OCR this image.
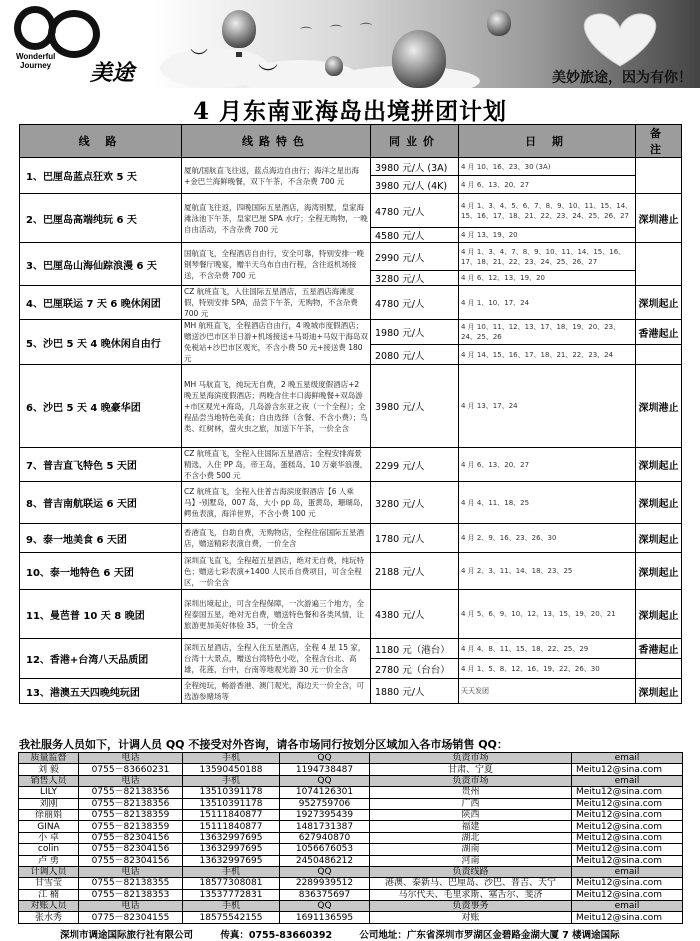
Wonderful
Journey 美途
︶
︶
⌒ ⌒ ⌒
美妙旅途，因为有你！
4 月东南亚海岛出境拼团计划
线 路	线路特色	同业价	日 期	备 注
1、巴厘岛蓝点狂欢 5 天	厦航/国航直飞往返，蓝点海边自由行；海洋之星出海+金巴兰海鲜晚餐，双下午茶，不含杂费 700 元	3980 元/人 (3A)	4 月 10、16、23、30 (3A)	
		3980 元/人 (4K)	4 月 6、13、20、27	
2、巴厘岛高端纯玩 6 天	厦航直飞往返，四晚国际五星酒店，海湾别墅，皇家海滩泳池下午茶，皇家巴厘 SPA 水疗；全程无购物，一晚自由活动，不含杂费 700 元	4780 元/人	4 月 1、3、4、5、6、7、8、9、10、11、15、14、15、16、17、18、21、22、23、24、25、26、27	深圳港止
		4580 元/人	4 月 13、19、20	
3、巴厘岛山海仙踪浪漫 6 天	国航直飞，全程酒店自由行，安全可靠，特别安排一晚钢琴餐厅晚宴，赠半天乌布自由行程，含往返机场接送，不含杂费 700 元	2990 元/人	4 月 1、3、4、7、8、9、10、11、14、15、16、17、18、21、22、23、24、25、26、27	
		3280 元/人	4 月 6、12、13、19、20	
4、巴厘联运 7 天 6 晚休闲团	CZ 航班直飞，入住国际五星酒店，五星酒店海滩度假，特别安排 SPA，品尝下午茶，无购物，不含杂费 700 元	4780 元/人	4 月 1、10、17、24	深圳起止
5、沙巴 5 天 4 晚休闲自由行	MH 航班直飞，全程酒店自由行，4 晚城市度假酒店；赠送沙巴市区半日游+机场接送+马哥迪+马奴干海岛双免税站+沙巴市区观光，不含小费 50 元+接送费 180 元	1980 元/人	4 月 10、11、12、13、17、18、19、20、23、24、25、26	香港起止
		2080 元/人	4 月 14、15、16、17、18、21、22、23、24	
6、沙巴 5 天 4 晚豪华团	MH 马航直飞，纯玩无自费，2 晚五星级度假酒店+2 晚五星海滨度假酒店；两晚含住丰口海鲜晚餐+双岛游+市区观光+海岛，几岛游含东亚之夜（一个全程）；全程品尝当地特色美食；自由选择（含餐、不含小费）；鸟类、红树林，萤火虫之旅，加送下午茶，一价全含	3980 元/人	4 月 13、17、24	深圳港止
7、普吉直飞特色 5 天团	CZ 航班直飞，全程入住国际五星酒店；全程安排海景精选，入住 PP 岛，帝王岛，蛋糕岛，10 万豪华浪漫，不含小费 500 元	2299 元/人	4 月 6、13、20、27	深圳起止
8、普吉南航联运 6 天团	CZ 航班直飞，全程入住普吉海滨度假酒店【6 人乘马】-别墅岛，007 岛，大小 pp 岛，蛋黄岛，珊瑚岛，鳄鱼表演，海洋世界，不含小费 100 元	3280 元/人	4 月 4、11、18、25	深圳起止
9、泰一地美食 6 天团	香港直飞，自助自费，无购物店，全程住宿国际五星酒店，赠送精彩表演自费，一价全含	1780 元/人	4 月 2、9、16、23、26、30	深圳起止
10、泰一地特色 6 天团	深圳直飞直飞，全程超五星酒店，绝对无自费，纯玩特色；赠送七彩表演+1400 人民币自费项目，可含全程区，一价全含	2188 元/人	4 月 2、3、11、14、18、23、25	深圳起止
11、曼芭普 10 天 8 晚团	深圳出境起止，可含全程保障，一次游遍三个地方，全程泰国五星，绝对无自费，赠送特色餐和各类风情，让旅游更加美好体验 35，一价全含	4380 元/人	4 月 5、6、9、10、12、13、15、19、20、21	深圳起止
12、香港+台湾八天品质团	深圳五星酒店，全程入住五星酒店，全程 4 星 15 家，台湾十大景点，赠送台湾特色小吃，全程含台北、高雄，花莲，台中，台南等地观光游 30 元一价全含	1180 元（港台）	4 月 4、8、11、15、18、22、25、29	香港起止
		2780 元（台台）	4 月 1、5、8、12、16、19、22、26、30	
13、港澳五天四晚纯玩团	全程纯玩，畅游香港、澳门观光，海边天一价全含，可选游参赌场等	1880 元/人	天天发团	深圳起止
我社服务人员如下，计调人员 QQ 不接受对外咨询，请各市场同行按划分区域加入各市场销售 QQ：
质量监督	电话	手机	QQ	负责市场	email
刘 毅	0755－83660231	13590450188	1194738487	甘肃、宁夏	Meitu12@sina.com
销售人员	电话	手机	QQ	负责市场	email
LILY	0755－82138356	13510391178	1074126301	贵州	Meitu12@sina.com
刘刚	0755－82138356	13510391178	952759706	广西	Meitu12@sina.com
徐丽娟	0755－82138359	15111840877	1927395439	陕西	Meitu12@sina.com
GINA	0755－82138359	15111840877	1481731387	福建	Meitu12@sina.com
小 卓	0755－82304156	13632997695	627940870	湖北	Meitu12@sina.com
colin	0755－82304156	13632997695	1056676053	湖南	Meitu12@sina.com
卢 勇	0755－82304156	13632997695	2450486212	河南	Meitu12@sina.com
计调人员	电话	手机	QQ	负责线路	email
甘雪莹	0755－82138355	18577308081	2289939512	港澳、泰新马、巴厘岛、沙巴、普吉、天宁	Meitu12@sina.com
江 楠	0755－82138353	13537772831	836375697	马尔代夫、毛里求斯、塞舌尔、斐济	Meitu12@sina.com
对账人员	电话	手机	QQ	负责事务	email
张水秀	0775－82304155	18575542155	1691136595	对账	Meitu12@sina.com
深圳市调途国际旅行社有限公司	传真：0755-83660392	公司地址：广东省深圳市罗湖区金碧路金湖大厦 7 楼调途国际
